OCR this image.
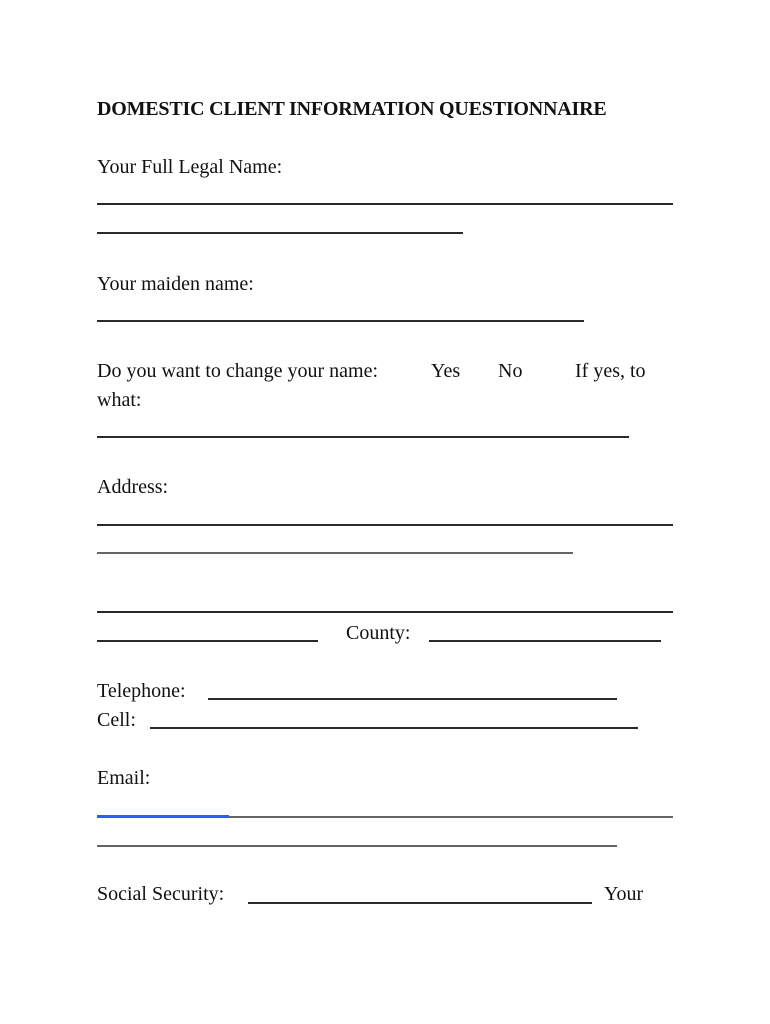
DOMESTIC CLIENT INFORMATION QUESTIONNAIRE
Your Full Legal Name:
Your maiden name:
Do you want to change your name:	Yes No	If yes, to
what:
Address:
County:
Telephone:
Cell:
Email:
Social Security:	Your
